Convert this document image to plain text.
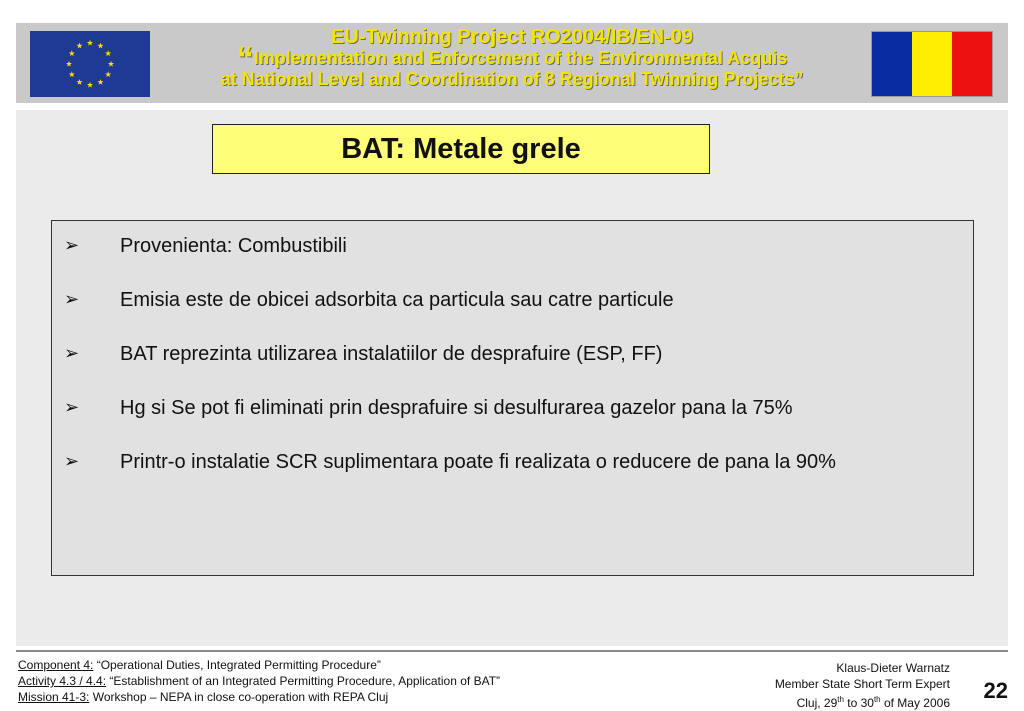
EU-Twinning Project RO2004/IB/EN-09
“Implementation and Enforcement of the Environmental Acquis
at National Level and Coordination of 8 Regional Twinning Projects”
BAT: Metale grele
➢	Provenienta: Combustibili
➢	Emisia este de obicei adsorbita ca particula sau catre particule
➢	BAT reprezinta utilizarea instalatiilor de desprafuire (ESP, FF)
➢	Hg si Se pot fi eliminati prin desprafuire si desulfurarea gazelor pana la 75%
➢	Printr-o instalatie SCR suplimentara poate fi realizata o reducere de pana la 90%
Component 4: “Operational Duties, Integrated Permitting Procedure”
Activity 4.3 / 4.4: “Establishment of an Integrated Permitting Procedure, Application of BAT”
Mission 41-3: Workshop – NEPA in close co-operation with REPA Cluj
Klaus-Dieter Warnatz
Member State Short Term Expert
Cluj, 29th to 30th of May 2006 22
